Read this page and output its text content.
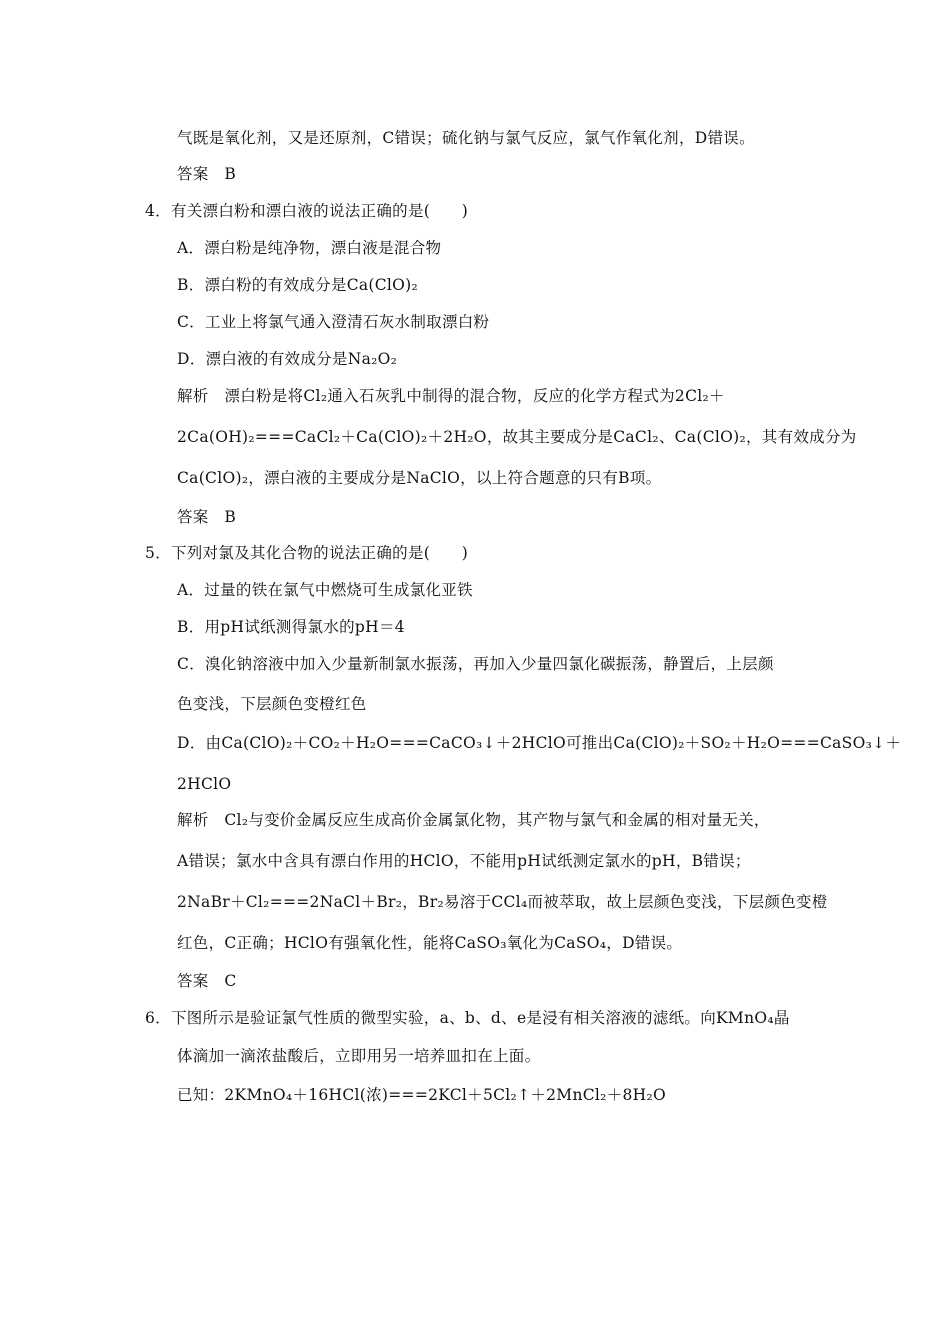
气既是氧化剂，又是还原剂，C错误；硫化钠与氯气反应，氯气作氧化剂，D错误。
答案　B
4．有关漂白粉和漂白液的说法正确的是(　　)
A．漂白粉是纯净物，漂白液是混合物
B．漂白粉的有效成分是Ca(ClO)₂
C．工业上将氯气通入澄清石灰水制取漂白粉
D．漂白液的有效成分是Na₂O₂
解析　漂白粉是将Cl₂通入石灰乳中制得的混合物，反应的化学方程式为2Cl₂＋
2Ca(OH)₂===CaCl₂＋Ca(ClO)₂＋2H₂O，故其主要成分是CaCl₂、Ca(ClO)₂，其有效成分为
Ca(ClO)₂，漂白液的主要成分是NaClO，以上符合题意的只有B项。
答案　B
5．下列对氯及其化合物的说法正确的是(　　)
A．过量的铁在氯气中燃烧可生成氯化亚铁
B．用pH试纸测得氯水的pH＝4
C．溴化钠溶液中加入少量新制氯水振荡，再加入少量四氯化碳振荡，静置后，上层颜
色变浅，下层颜色变橙红色
D．由Ca(ClO)₂＋CO₂＋H₂O===CaCO₃↓＋2HClO可推出Ca(ClO)₂＋SO₂＋H₂O===CaSO₃↓＋
2HClO
解析　Cl₂与变价金属反应生成高价金属氯化物，其产物与氯气和金属的相对量无关，
A错误；氯水中含具有漂白作用的HClO，不能用pH试纸测定氯水的pH，B错误；
2NaBr＋Cl₂===2NaCl＋Br₂，Br₂易溶于CCl₄而被萃取，故上层颜色变浅，下层颜色变橙
红色，C正确；HClO有强氧化性，能将CaSO₃氧化为CaSO₄，D错误。
答案　C
6．下图所示是验证氯气性质的微型实验，a、b、d、e是浸有相关溶液的滤纸。向KMnO₄晶
体滴加一滴浓盐酸后，立即用另一培养皿扣在上面。
已知：2KMnO₄＋16HCl(浓)===2KCl＋5Cl₂↑＋2MnCl₂＋8H₂O
